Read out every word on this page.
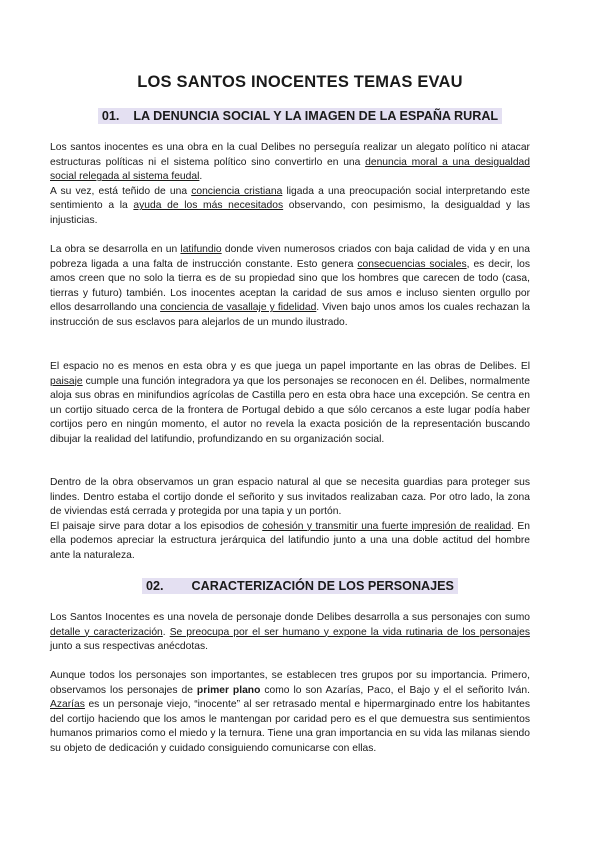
LOS SANTOS INOCENTES TEMAS EVAU
01. LA DENUNCIA SOCIAL Y LA IMAGEN DE LA ESPAÑA RURAL

Los santos inocentes es una obra en la cual Delibes no perseguía realizar un alegato político ni atacar estructuras políticas ni el sistema político sino convertirlo en una denuncia moral a una desigualdad social relegada al sistema feudal.
A su vez, está teñido de una conciencia cristiana ligada a una preocupación social interpretando este sentimiento a la ayuda de los más necesitados observando, con pesimismo, la desigualdad y las injusticias.

La obra se desarrolla en un latifundio donde viven numerosos criados con baja calidad de vida y en una pobreza ligada a una falta de instrucción constante. Esto genera consecuencias sociales, es decir, los amos creen que no solo la tierra es de su propiedad sino que los hombres que carecen de todo (casa, tierras y futuro) también. Los inocentes aceptan la caridad de sus amos e incluso sienten orgullo por ellos desarrollando una conciencia de vasallaje y fidelidad. Viven bajo unos amos los cuales rechazan la instrucción de sus esclavos para alejarlos de un mundo ilustrado.

El espacio no es menos en esta obra y es que juega un papel importante en las obras de Delibes. El paisaje cumple una función integradora ya que los personajes se reconocen en él. Delibes, normalmente aloja sus obras en minifundios agrícolas de Castilla pero en esta obra hace una excepción. Se centra en un cortijo situado cerca de la frontera de Portugal debido a que sólo cercanos a este lugar podía haber cortijos pero en ningún momento, el autor no revela la exacta posición de la representación buscando dibujar la realidad del latifundio, profundizando en su organización social.

Dentro de la obra observamos un gran espacio natural al que se necesita guardias para proteger sus lindes. Dentro estaba el cortijo donde el señorito y sus invitados realizaban caza. Por otro lado, la zona de viviendas está cerrada y protegida por una tapia y un portón.
El paisaje sirve para dotar a los episodios de cohesión y transmitir una fuerte impresión de realidad. En ella podemos apreciar la estructura jerárquica del latifundio junto a una una doble actitud del hombre ante la naturaleza.

02. CARACTERIZACIÓN DE LOS PERSONAJES

Los Santos Inocentes es una novela de personaje donde Delibes desarrolla a sus personajes con sumo detalle y caracterización. Se preocupa por el ser humano y expone la vida rutinaria de los personajes junto a sus respectivas anécdotas.

Aunque todos los personajes son importantes, se establecen tres grupos por su importancia. Primero, observamos los personajes de primer plano como lo son Azarías, Paco, el Bajo y el el señorito Iván. Azarías es un personaje viejo, “inocente” al ser retrasado mental e hipermarginado entre los habitantes del cortijo haciendo que los amos le mantengan por caridad pero es el que demuestra sus sentimientos humanos primarios como el miedo y la ternura. Tiene una gran importancia en su vida las milanas siendo su objeto de dedicación y cuidado consiguiendo comunicarse con ellas.
